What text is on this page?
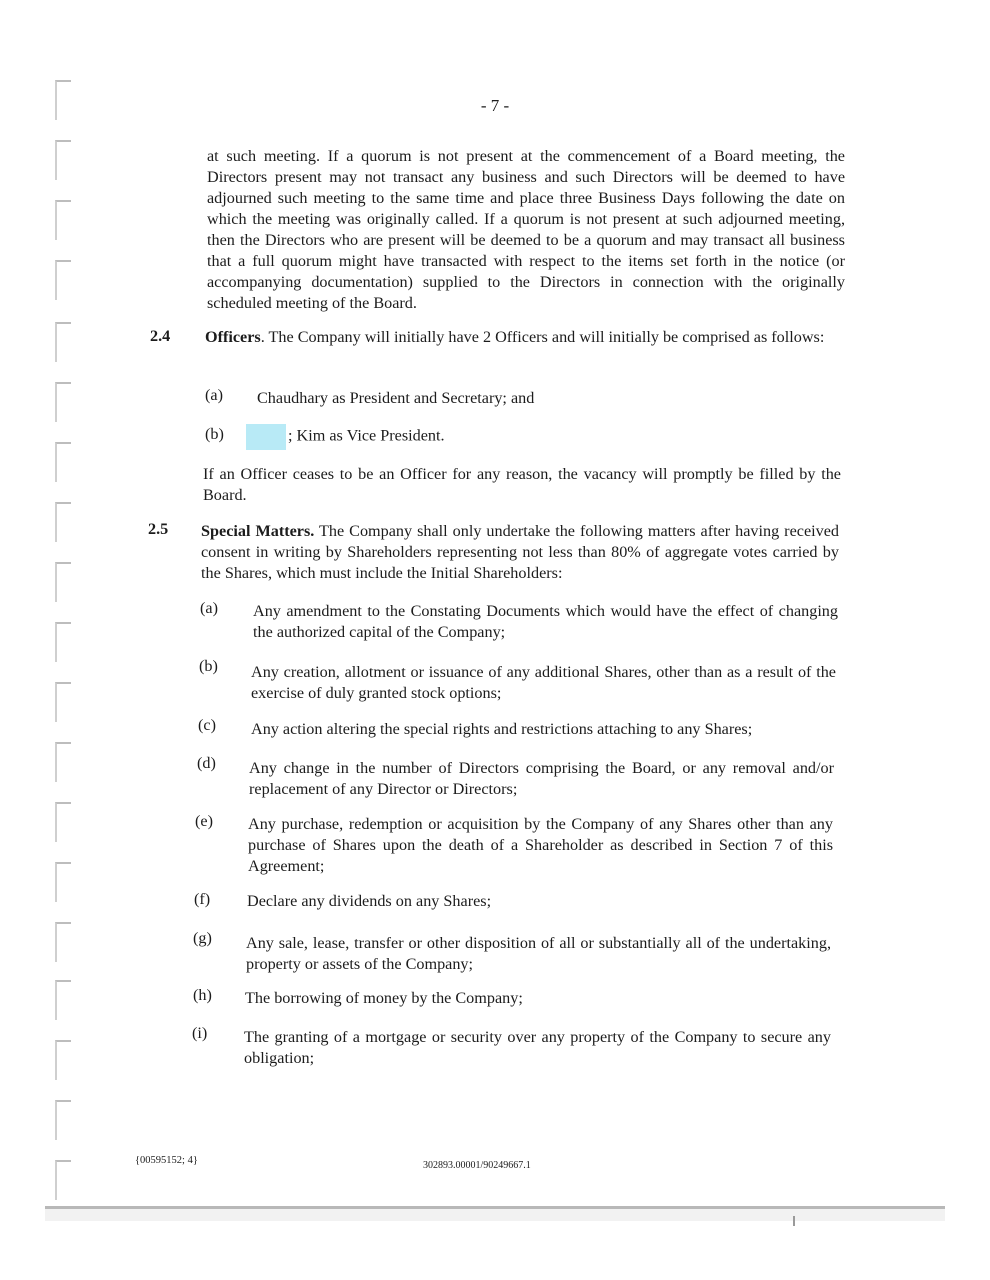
- 7 -

at such meeting. If a quorum is not present at the commencement of a Board meeting, the Directors present may not transact any business and such Directors will be deemed to have adjourned such meeting to the same time and place three Business Days following the date on which the meeting was originally called. If a quorum is not present at such adjourned meeting, then the Directors who are present will be deemed to be a quorum and may transact all business that a full quorum might have transacted with respect to the items set forth in the notice (or accompanying documentation) supplied to the Directors in connection with the originally scheduled meeting of the Board.

2.4 Officers. The Company will initially have 2 Officers and will initially be comprised as follows:

(a) Chaudhary as President and Secretary; and

(b)	; Kim as Vice President.

If an Officer ceases to be an Officer for any reason, the vacancy will promptly be filled by the Board.

2.5 Special Matters. The Company shall only undertake the following matters after having received consent in writing by Shareholders representing not less than 80% of aggregate votes carried by the Shares, which must include the Initial Shareholders:

(a) Any amendment to the Constating Documents which would have the effect of changing the authorized capital of the Company;

(b) Any creation, allotment or issuance of any additional Shares, other than as a result of the exercise of duly granted stock options;

(c) Any action altering the special rights and restrictions attaching to any Shares;

(d) Any change in the number of Directors comprising the Board, or any removal and/or replacement of any Director or Directors;

(e) Any purchase, redemption or acquisition by the Company of any Shares other than any purchase of Shares upon the death of a Shareholder as described in Section 7 of this Agreement;

(f) Declare any dividends on any Shares;

(g) Any sale, lease, transfer or other disposition of all or substantially all of the undertaking, property or assets of the Company;

(h) The borrowing of money by the Company;

(i) The granting of a mortgage or security over any property of the Company to secure any obligation;

{00595152; 4}	302893.00001/90249667.1
